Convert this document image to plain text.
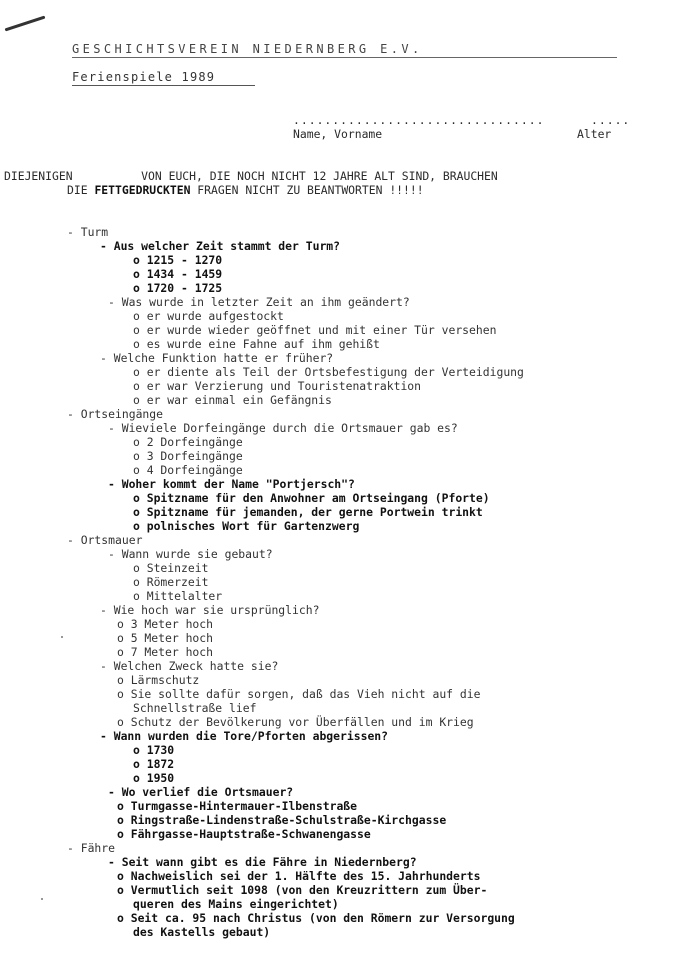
GESCHICHTSVEREIN NIEDERNBERG E.V.
Ferienspiele 1989
................................	.....
Name, Vorname	Alter
DIEJENIGEN          VON EUCH, DIE NOCH NICHT 12 JAHRE ALT SIND, BRAUCHEN
DIE FETTGEDRUCKTEN FRAGEN NICHT ZU BEANTWORTEN !!!!!
- Turm
- Aus welcher Zeit stammt der Turm?
o 1215 - 1270
o 1434 - 1459
o 1720 - 1725
- Was wurde in letzter Zeit an ihm geändert?
o er wurde aufgestockt
o er wurde wieder geöffnet und mit einer Tür versehen
o es wurde eine Fahne auf ihm gehißt
- Welche Funktion hatte er früher?
o er diente als Teil der Ortsbefestigung der Verteidigung
o er war Verzierung und Touristenatraktion
o er war einmal ein Gefängnis
- Ortseingänge
- Wieviele Dorfeingänge durch die Ortsmauer gab es?
o 2 Dorfeingänge
o 3 Dorfeingänge
o 4 Dorfeingänge
- Woher kommt der Name "Portjersch"?
o Spitzname für den Anwohner am Ortseingang (Pforte)
o Spitzname für jemanden, der gerne Portwein trinkt
o polnisches Wort für Gartenzwerg
- Ortsmauer
- Wann wurde sie gebaut?
o Steinzeit
o Römerzeit
o Mittelalter
- Wie hoch war sie ursprünglich?
o 3 Meter hoch
o 5 Meter hoch
o 7 Meter hoch
- Welchen Zweck hatte sie?
o Lärmschutz
o Sie sollte dafür sorgen, daß das Vieh nicht auf die
Schnellstraße lief
o Schutz der Bevölkerung vor Überfällen und im Krieg
- Wann wurden die Tore/Pforten abgerissen?
o 1730
o 1872
o 1950
- Wo verlief die Ortsmauer?
o Turmgasse-Hintermauer-Ilbenstraße
o Ringstraße-Lindenstraße-Schulstraße-Kirchgasse
o Fährgasse-Hauptstraße-Schwanengasse
- Fähre
- Seit wann gibt es die Fähre in Niedernberg?
o Nachweislich sei der 1. Hälfte des 15. Jahrhunderts
o Vermutlich seit 1098 (von den Kreuzrittern zum Über-
queren des Mains eingerichtet)
o Seit ca. 95 nach Christus (von den Römern zur Versorgung
des Kastells gebaut)
